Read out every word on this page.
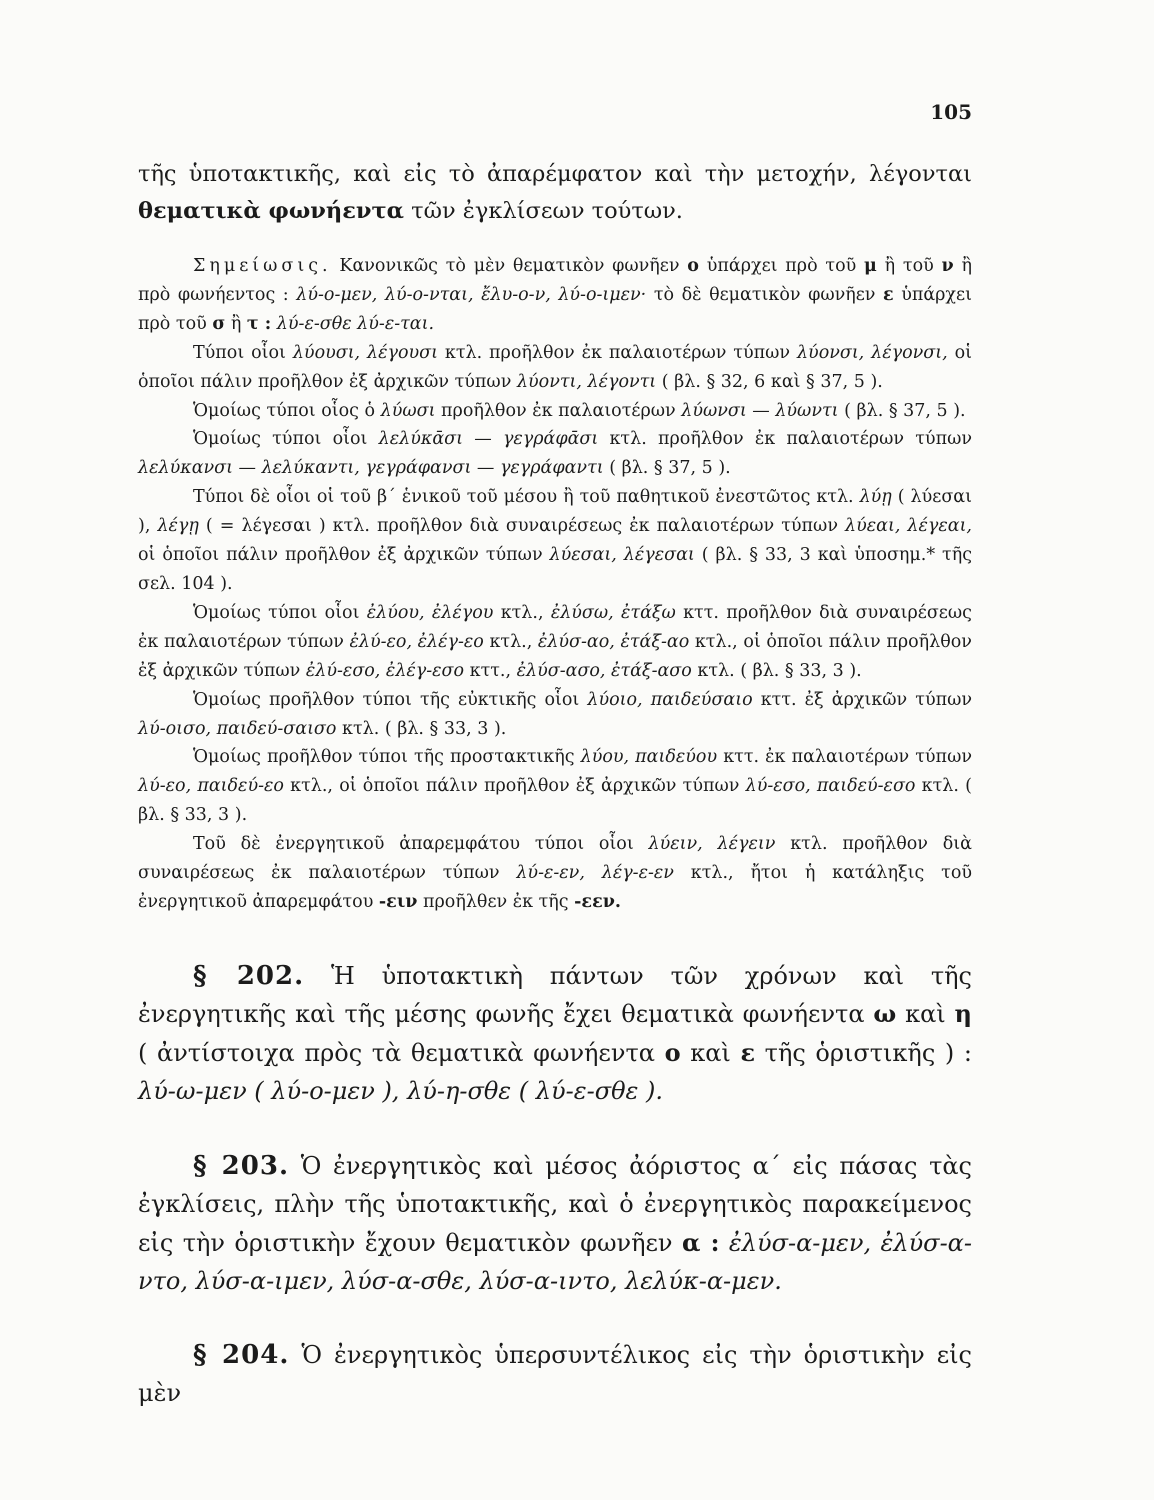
105

τῆς ὑποτακτικῆς, καὶ εἰς τὸ ἀπαρέμφατον καὶ τὴν μετοχήν, λέγονται θεματικὰ φωνήεντα τῶν ἐγκλίσεων τούτων.

Σημείωσις. Κανονικῶς τὸ μὲν θεματικὸν φωνῆεν ο ὑπάρχει πρὸ τοῦ μ ἢ τοῦ ν ἢ πρὸ φωνήεντος : λύ-ο-μεν, λύ-ο-νται, ἔλυ-ο-ν, λύ-ο-ιμεν· τὸ δὲ θεματικὸν φωνῆεν ε ὑπάρχει πρὸ τοῦ σ ἢ τ : λύ-ε-σθε λύ-ε-ται.

Τύποι οἷοι λύουσι, λέγουσι κτλ. προῆλθον ἐκ παλαιοτέρων τύπων λύονσι, λέγονσι, οἱ ὁποῖοι πάλιν προῆλθον ἐξ ἀρχικῶν τύπων λύοντι, λέγοντι ( βλ. § 32, 6 καὶ § 37, 5 ).

Ὁμοίως τύποι οἷος ὁ λύωσι προῆλθον ἐκ παλαιοτέρων λύωνσι — λύωντι ( βλ. § 37, 5 ).

Ὁμοίως τύποι οἷοι λελύκᾱσι — γεγράφᾱσι κτλ. προῆλθον ἐκ παλαιοτέρων τύπων λελύκανσι — λελύκαντι, γεγράφανσι — γεγράφαντι ( βλ. § 37, 5 ).

Τύποι δὲ οἷοι οἱ τοῦ β΄ ἑνικοῦ τοῦ μέσου ἢ τοῦ παθητικοῦ ἐνεστῶτος κτλ. λύῃ ( λύεσαι ), λέγῃ ( = λέγεσαι ) κτλ. προῆλθον διὰ συναιρέσεως ἐκ παλαιοτέρων τύπων λύεαι, λέγεαι, οἱ ὁποῖοι πάλιν προῆλθον ἐξ ἀρχικῶν τύπων λύεσαι, λέγεσαι ( βλ. § 33, 3 καὶ ὑποσημ.* τῆς σελ. 104 ).

Ὁμοίως τύποι οἷοι ἐλύου, ἐλέγου κτλ., ἐλύσω, ἐτάξω κττ. προῆλθον διὰ συναιρέσεως ἐκ παλαιοτέρων τύπων ἐλύ-εο, ἐλέγ-εο κτλ., ἐλύσ-αο, ἐτάξ-αο κτλ., οἱ ὁποῖοι πάλιν προῆλθον ἐξ ἀρχικῶν τύπων ἐλύ-εσο, ἐλέγ-εσο κττ., ἐλύσ-ασο, ἐτάξ-ασο κτλ. ( βλ. § 33, 3 ).

Ὁμοίως προῆλθον τύποι τῆς εὐκτικῆς οἷοι λύοιο, παιδεύσαιο κττ. ἐξ ἀρχικῶν τύπων λύ-οισο, παιδεύ-σαισο κτλ. ( βλ. § 33, 3 ).

Ὁμοίως προῆλθον τύποι τῆς προστακτικῆς λύου, παιδεύου κττ. ἐκ παλαιοτέρων τύπων λύ-εο, παιδεύ-εο κτλ., οἱ ὁποῖοι πάλιν προῆλθον ἐξ ἀρχικῶν τύπων λύ-εσο, παιδεύ-εσο κτλ. ( βλ. § 33, 3 ).

Τοῦ δὲ ἐνεργητικοῦ ἀπαρεμφάτου τύποι οἷοι λύειν, λέγειν κτλ. προῆλθον διὰ συναιρέσεως ἐκ παλαιοτέρων τύπων λύ-ε-εν, λέγ-ε-εν κτλ., ἤτοι ἡ κατάληξις τοῦ ἐνεργητικοῦ ἀπαρεμφάτου -ειν προῆλθεν ἐκ τῆς -εεν.

§ 202. Ἡ ὑποτακτικὴ πάντων τῶν χρόνων καὶ τῆς ἐνεργητικῆς καὶ τῆς μέσης φωνῆς ἔχει θεματικὰ φωνήεντα ω καὶ η ( ἀντίστοιχα πρὸς τὰ θεματικὰ φωνήεντα ο καὶ ε τῆς ὁριστικῆς ) : λύ-ω-μεν ( λύ-ο-μεν ), λύ-η-σθε ( λύ-ε-σθε ).

§ 203. Ὁ ἐνεργητικὸς καὶ μέσος ἀόριστος α΄ εἰς πάσας τὰς ἐγκλίσεις, πλὴν τῆς ὑποτακτικῆς, καὶ ὁ ἐνεργητικὸς παρακείμενος εἰς τὴν ὁριστικὴν ἔχουν θεματικὸν φωνῆεν α : ἐλύσ-α-μεν, ἐλύσ-α-ντο, λύσ-α-ιμεν, λύσ-α-σθε, λύσ-α-ιντο, λελύκ-α-μεν.

§ 204. Ὁ ἐνεργητικὸς ὑπερσυντέλικος εἰς τὴν ὁριστικὴν εἰς μὲν
